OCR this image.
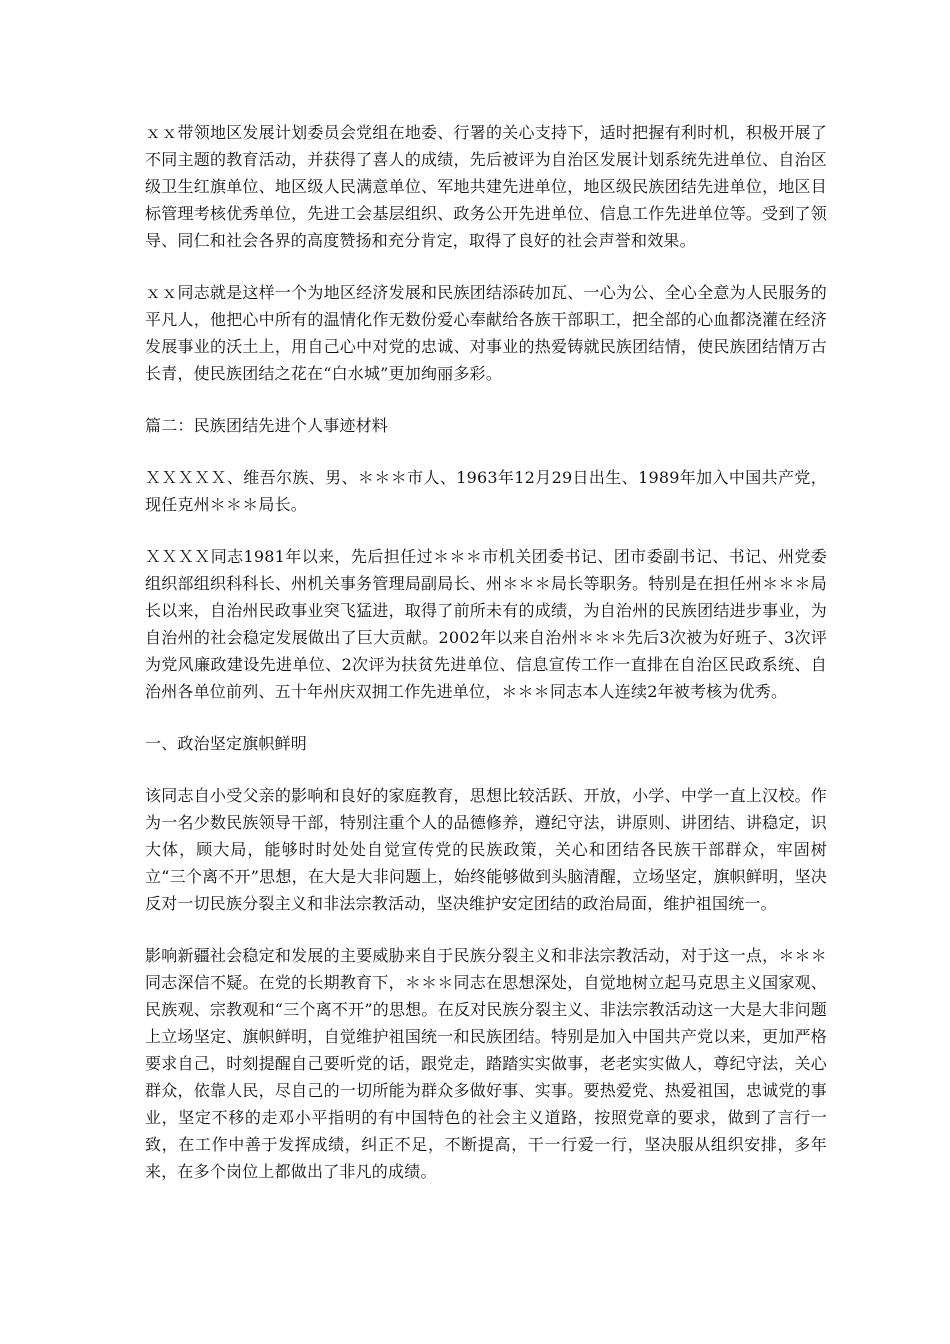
ｘｘ带领地区发展计划委员会党组在地委、行署的关心支持下，适时把握有利时机，积极开展了不同主题的教育活动，并获得了喜人的成绩，先后被评为自治区发展计划系统先进单位、自治区级卫生红旗单位、地区级人民满意单位、军地共建先进单位，地区级民族团结先进单位，地区目标管理考核优秀单位，先进工会基层组织、政务公开先进单位、信息工作先进单位等。受到了领导、同仁和社会各界的高度赞扬和充分肯定，取得了良好的社会声誉和效果。

ｘｘ同志就是这样一个为地区经济发展和民族团结添砖加瓦、一心为公、全心全意为人民服务的平凡人，他把心中所有的温情化作无数份爱心奉献给各族干部职工，把全部的心血都浇灌在经济发展事业的沃土上，用自己心中对党的忠诚、对事业的热爱铸就民族团结情，使民族团结情万古长青，使民族团结之花在“白水城”更加绚丽多彩。

篇二：民族团结先进个人事迹材料

ＸＸＸＸＸ、维吾尔族、男、＊＊＊市人、1963年12月29日出生、1989年加入中国共产党，现任克州＊＊＊局长。

ＸＸＸＸ同志1981年以来，先后担任过＊＊＊市机关团委书记、团市委副书记、书记、州党委组织部组织科科长、州机关事务管理局副局长、州＊＊＊局长等职务。特别是在担任州＊＊＊局长以来，自治州民政事业突飞猛进，取得了前所未有的成绩，为自治州的民族团结进步事业，为自治州的社会稳定发展做出了巨大贡献。2002年以来自治州＊＊＊先后3次被为好班子、3次评为党风廉政建设先进单位、2次评为扶贫先进单位、信息宣传工作一直排在自治区民政系统、自治州各单位前列、五十年州庆双拥工作先进单位，＊＊＊同志本人连续2年被考核为优秀。

一、政治坚定旗帜鲜明

该同志自小受父亲的影响和良好的家庭教育，思想比较活跃、开放，小学、中学一直上汉校。作为一名少数民族领导干部，特别注重个人的品德修养，遵纪守法，讲原则、讲团结、讲稳定，识大体，顾大局，能够时时处处自觉宣传党的民族政策，关心和团结各民族干部群众，牢固树立“三个离不开”思想，在大是大非问题上，始终能够做到头脑清醒，立场坚定，旗帜鲜明，坚决反对一切民族分裂主义和非法宗教活动，坚决维护安定团结的政治局面，维护祖国统一。

影响新疆社会稳定和发展的主要威胁来自于民族分裂主义和非法宗教活动，对于这一点，＊＊＊同志深信不疑。在党的长期教育下，＊＊＊同志在思想深处，自觉地树立起马克思主义国家观、民族观、宗教观和“三个离不开”的思想。在反对民族分裂主义、非法宗教活动这一大是大非问题上立场坚定、旗帜鲜明，自觉维护祖国统一和民族团结。特别是加入中国共产党以来，更加严格要求自己，时刻提醒自己要听党的话，跟党走，踏踏实实做事，老老实实做人，尊纪守法，关心群众，依靠人民，尽自己的一切所能为群众多做好事、实事。要热爱党、热爱祖国，忠诚党的事业，坚定不移的走邓小平指明的有中国特色的社会主义道路，按照党章的要求，做到了言行一致，在工作中善于发挥成绩，纠正不足，不断提高，干一行爱一行，坚决服从组织安排，多年来，在多个岗位上都做出了非凡的成绩。
